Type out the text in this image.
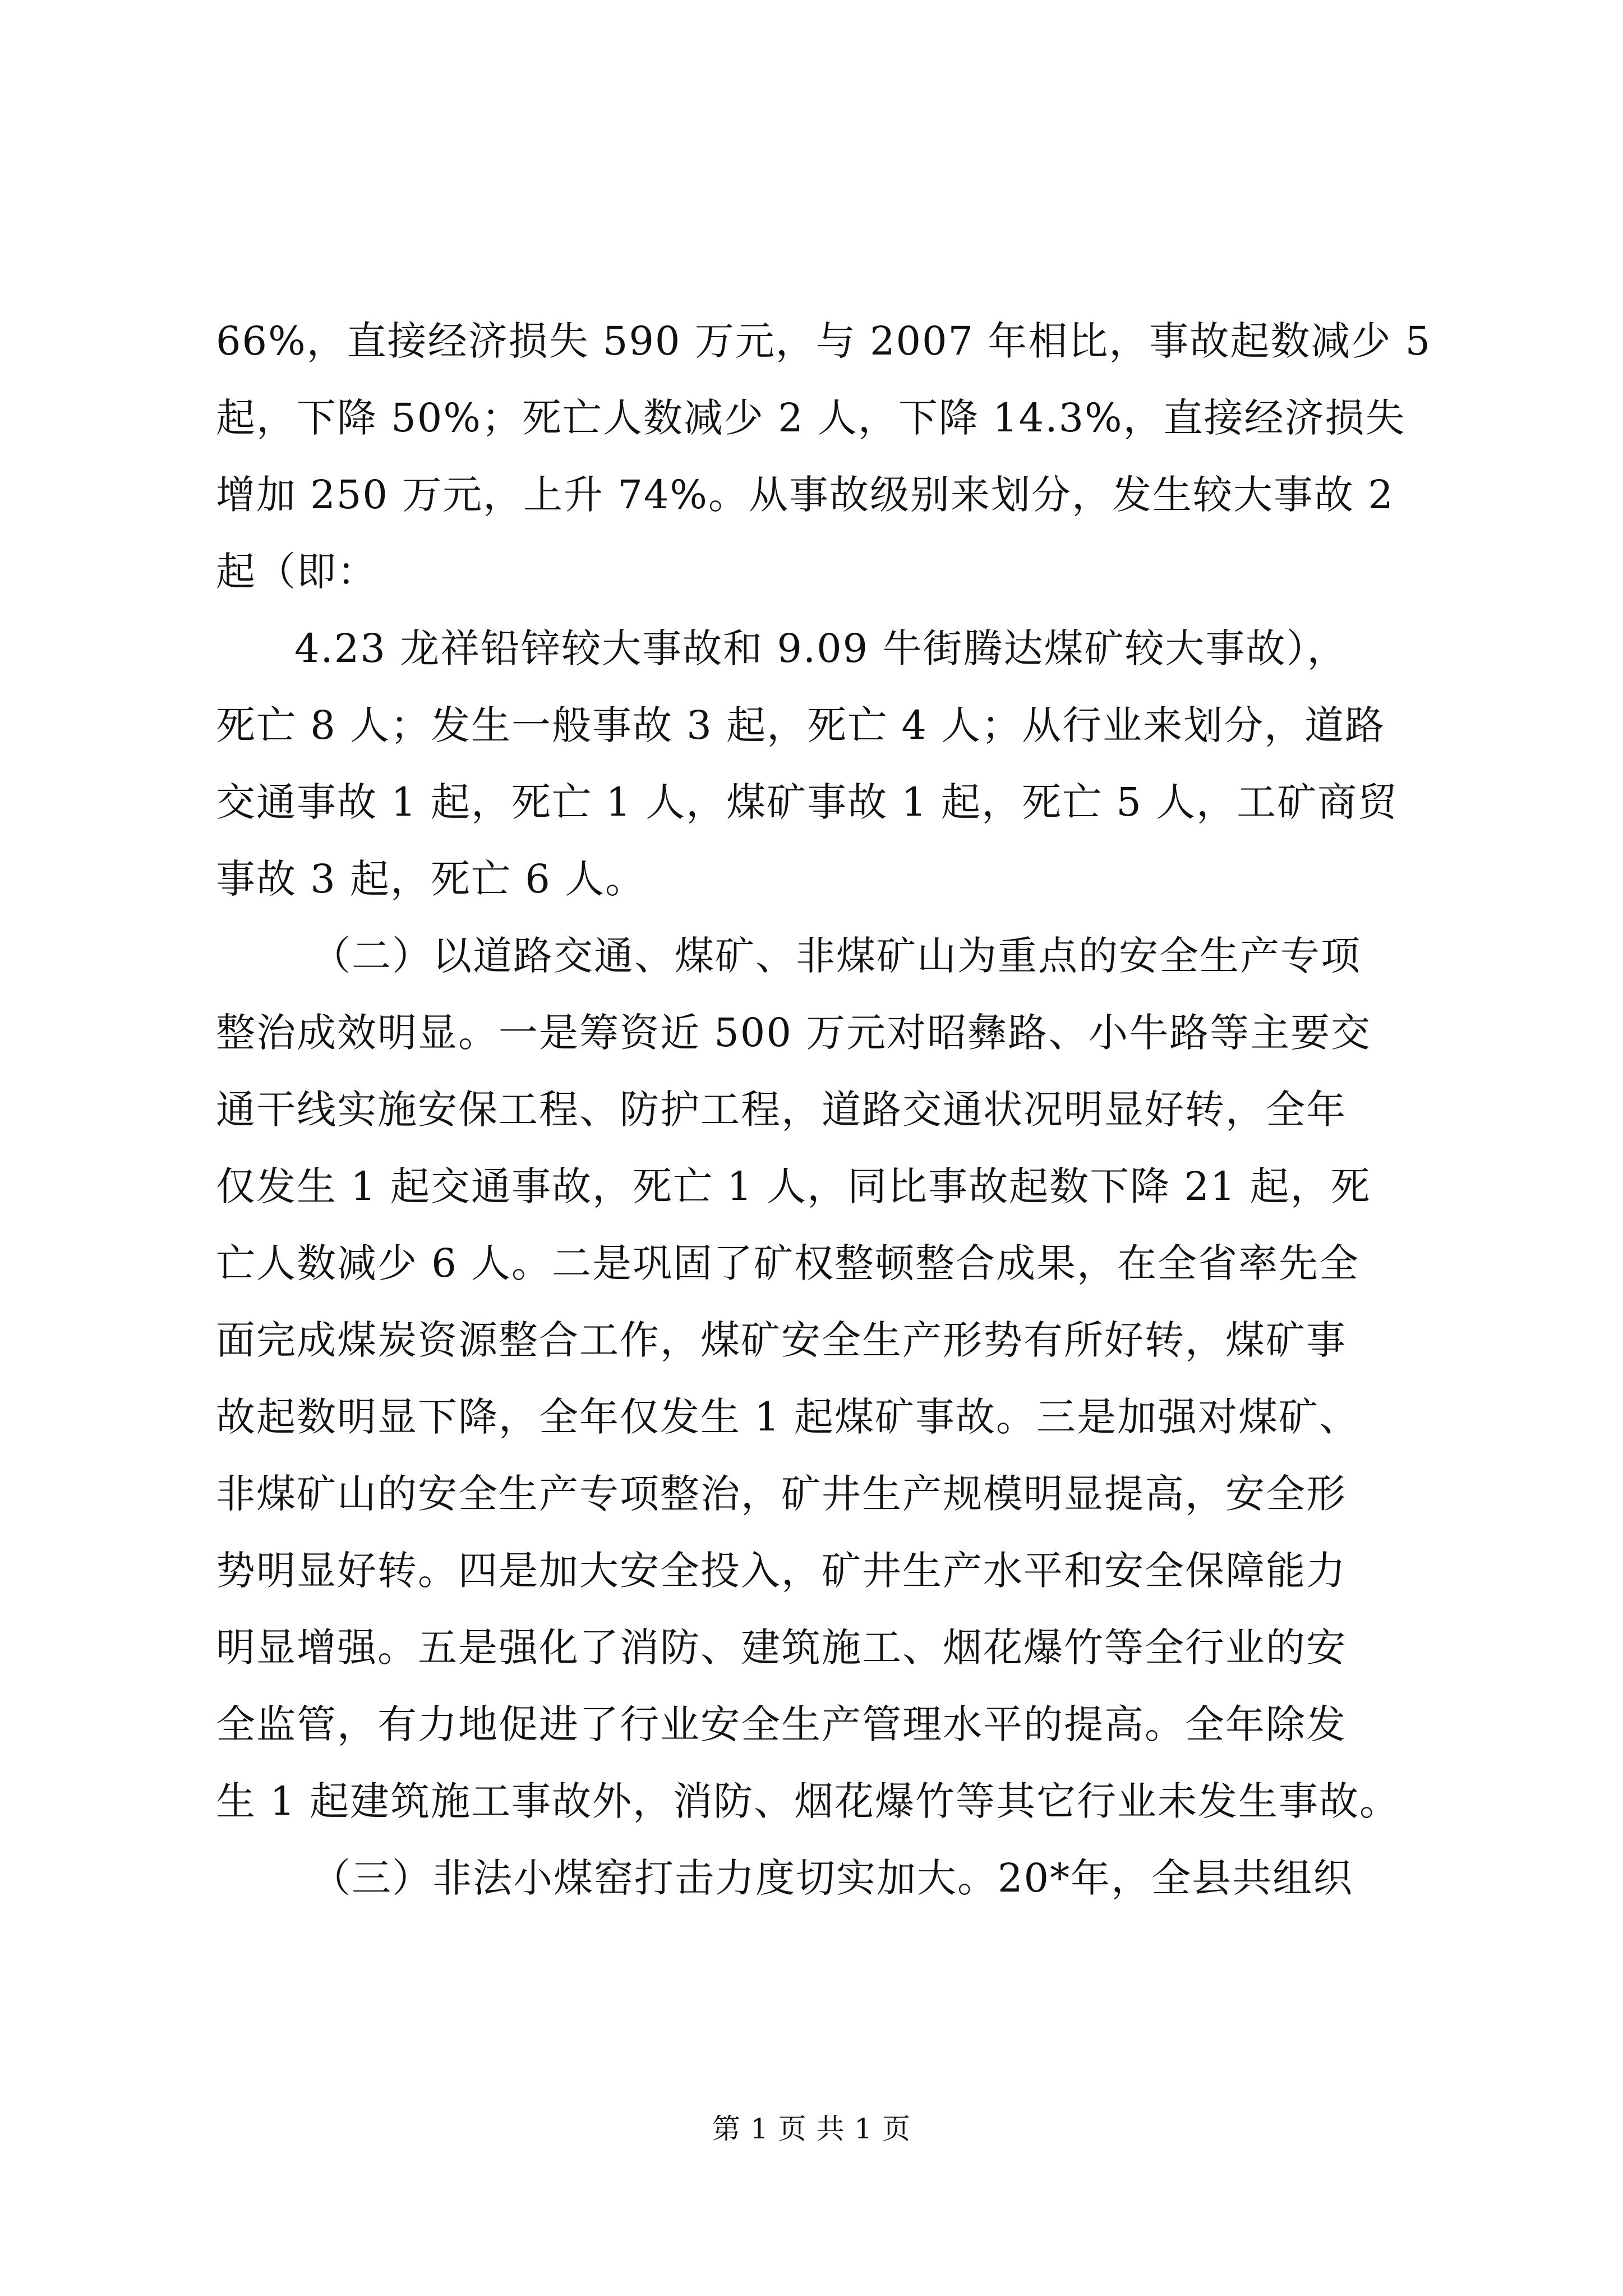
66%，直接经济损失 590 万元，与 2007 年相比，事故起数减少 5
起，下降 50%；死亡人数减少 2 人，下降 14.3%，直接经济损失
增加 250 万元，上升 74%。从事故级别来划分，发生较大事故 2
起（即：
4.23 龙祥铅锌较大事故和 9.09 牛街腾达煤矿较大事故），
死亡 8 人；发生一般事故 3 起，死亡 4 人；从行业来划分，道路
交通事故 1 起，死亡 1 人，煤矿事故 1 起，死亡 5 人，工矿商贸
事故 3 起，死亡 6 人。
（二）以道路交通、煤矿、非煤矿山为重点的安全生产专项
整治成效明显。一是筹资近 500 万元对昭彝路、小牛路等主要交
通干线实施安保工程、防护工程，道路交通状况明显好转，全年
仅发生 1 起交通事故，死亡 1 人，同比事故起数下降 21 起，死
亡人数减少 6 人。二是巩固了矿权整顿整合成果，在全省率先全
面完成煤炭资源整合工作，煤矿安全生产形势有所好转，煤矿事
故起数明显下降，全年仅发生 1 起煤矿事故。三是加强对煤矿、
非煤矿山的安全生产专项整治，矿井生产规模明显提高，安全形
势明显好转。四是加大安全投入，矿井生产水平和安全保障能力
明显增强。五是强化了消防、建筑施工、烟花爆竹等全行业的安
全监管，有力地促进了行业安全生产管理水平的提高。全年除发
生 1 起建筑施工事故外，消防、烟花爆竹等其它行业未发生事故。
（三）非法小煤窑打击力度切实加大。20*年，全县共组织
第 1 页 共 1 页
